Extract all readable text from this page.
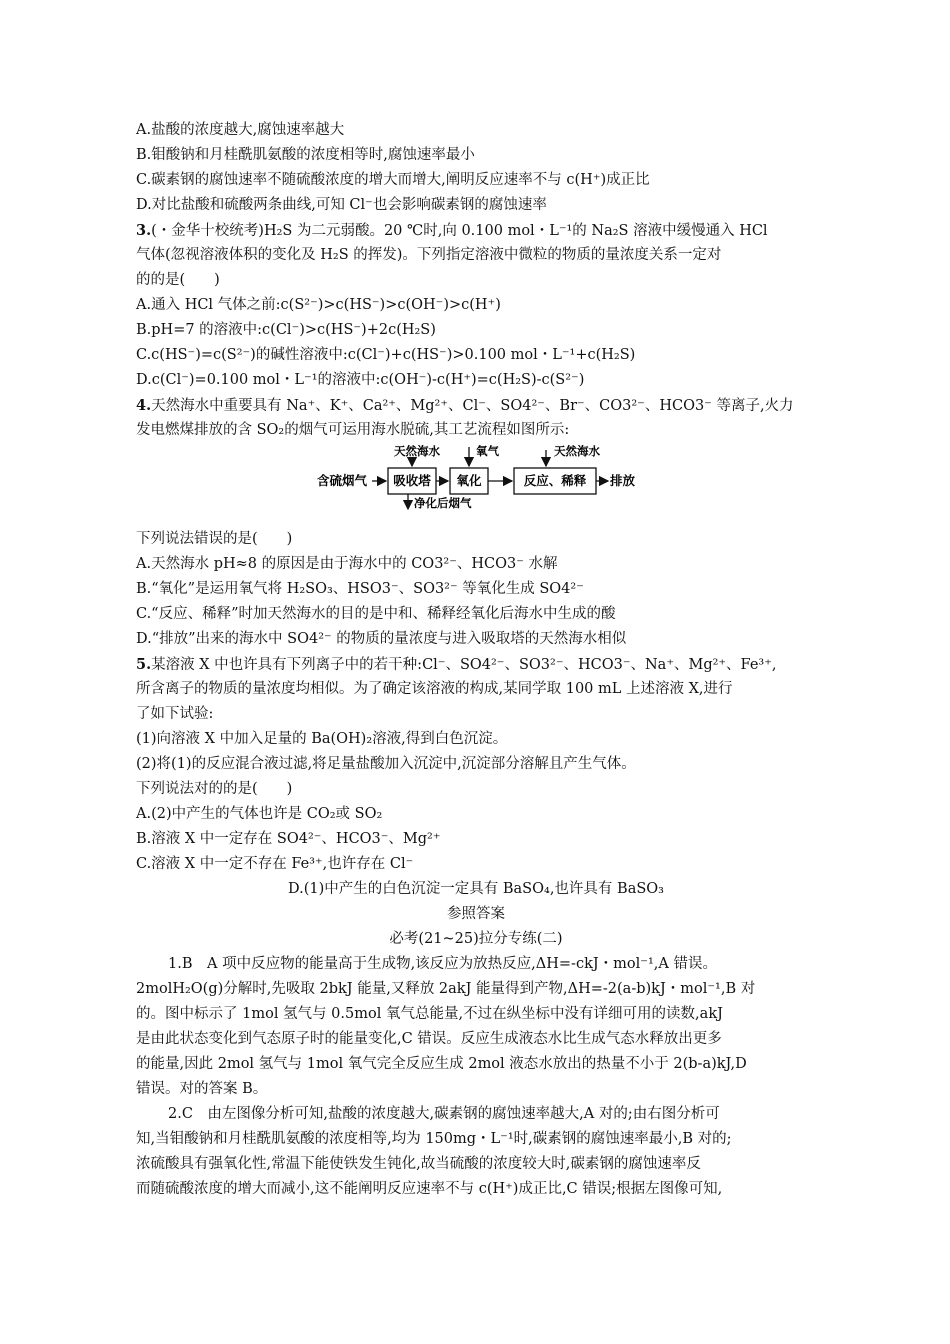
A.盐酸的浓度越大,腐蚀速率越大
B.钼酸钠和月桂酰肌氨酸的浓度相等时,腐蚀速率最小
C.碳素钢的腐蚀速率不随硫酸浓度的增大而增大,阐明反应速率不与 c(H⁺)成正比
D.对比盐酸和硫酸两条曲线,可知 Cl⁻也会影响碳素钢的腐蚀速率
3.(・金华十校统考)H₂S 为二元弱酸。20 ℃时,向 0.100 mol・L⁻¹的 Na₂S 溶液中缓慢通入 HCl
气体(忽视溶液体积的变化及 H₂S 的挥发)。下列指定溶液中微粒的物质的量浓度关系一定对
的的是(　　)
A.通入 HCl 气体之前:c(S²⁻)>c(HS⁻)>c(OH⁻)>c(H⁺)
B.pH=7 的溶液中:c(Cl⁻)>c(HS⁻)+2c(H₂S)
C.c(HS⁻)=c(S²⁻)的碱性溶液中:c(Cl⁻)+c(HS⁻)>0.100 mol・L⁻¹+c(H₂S)
D.c(Cl⁻)=0.100 mol・L⁻¹的溶液中:c(OH⁻)-c(H⁺)=c(H₂S)-c(S²⁻)
4.天然海水中重要具有 Na⁺、K⁺、Ca²⁺、Mg²⁺、Cl⁻、SO4²⁻、Br⁻、CO3²⁻、HCO3⁻ 等离子,火力
发电燃煤排放的含 SO₂的烟气可运用海水脱硫,其工艺流程如图所示:
含硫烟气 吸收塔 氧化	反应、稀释 排放
天然海水	氧气	天然海水
净化后烟气
下列说法错误的是(　　)
A.天然海水 pH≈8 的原因是由于海水中的 CO3²⁻、HCO3⁻ 水解
B.“氧化”是运用氧气将 H₂SO₃、HSO3⁻、SO3²⁻ 等氧化生成 SO4²⁻
C.“反应、稀释”时加天然海水的目的是中和、稀释经氧化后海水中生成的酸
D.“排放”出来的海水中 SO4²⁻ 的物质的量浓度与进入吸取塔的天然海水相似
5.某溶液 X 中也许具有下列离子中的若干种:Cl⁻、SO4²⁻、SO3²⁻、HCO3⁻、Na⁺、Mg²⁺、Fe³⁺,
所含离子的物质的量浓度均相似。为了确定该溶液的构成,某同学取 100 mL 上述溶液 X,进行
了如下试验:
(1)向溶液 X 中加入足量的 Ba(OH)₂溶液,得到白色沉淀。
(2)将(1)的反应混合液过滤,将足量盐酸加入沉淀中,沉淀部分溶解且产生气体。
下列说法对的的是(　　)
A.(2)中产生的气体也许是 CO₂或 SO₂
B.溶液 X 中一定存在 SO4²⁻、HCO3⁻、Mg²⁺
C.溶液 X 中一定不存在 Fe³⁺,也许存在 Cl⁻
D.(1)中产生的白色沉淀一定具有 BaSO₄,也许具有 BaSO₃
参照答案
必考(21~25)拉分专练(二)
1.B　A 项中反应物的能量高于生成物,该反应为放热反应,ΔH=-ckJ・mol⁻¹,A 错误。
2molH₂O(g)分解时,先吸取 2bkJ 能量,又释放 2akJ 能量得到产物,ΔH=-2(a-b)kJ・mol⁻¹,B 对
的。图中标示了 1mol 氢气与 0.5mol 氧气总能量,不过在纵坐标中没有详细可用的读数,akJ
是由此状态变化到气态原子时的能量变化,C 错误。反应生成液态水比生成气态水释放出更多
的能量,因此 2mol 氢气与 1mol 氧气完全反应生成 2mol 液态水放出的热量不小于 2(b-a)kJ,D
错误。对的答案 B。
2.C　由左图像分析可知,盐酸的浓度越大,碳素钢的腐蚀速率越大,A 对的;由右图分析可
知,当钼酸钠和月桂酰肌氨酸的浓度相等,均为 150mg・L⁻¹时,碳素钢的腐蚀速率最小,B 对的;
浓硫酸具有强氧化性,常温下能使铁发生钝化,故当硫酸的浓度较大时,碳素钢的腐蚀速率反
而随硫酸浓度的增大而减小,这不能阐明反应速率不与 c(H⁺)成正比,C 错误;根据左图像可知,
